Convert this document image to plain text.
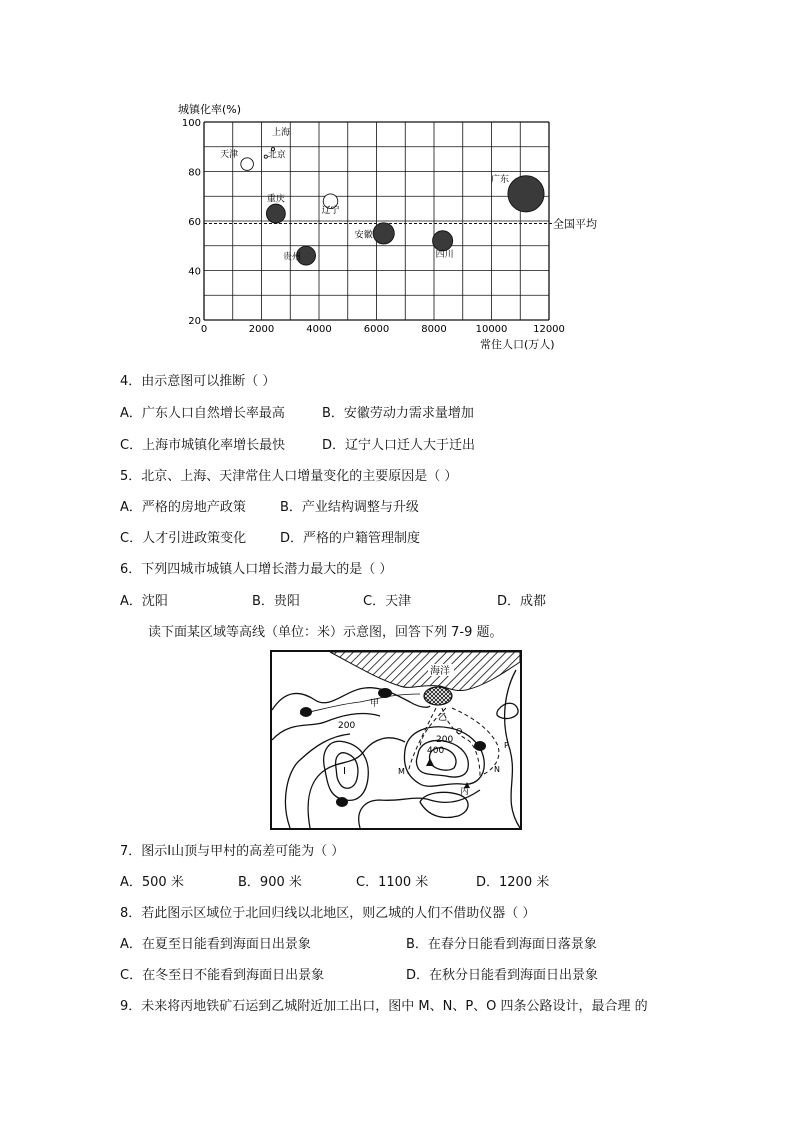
城镇化率(%)
0	2000	4000	6000	8000	10000	12000
20
40
60
80
100
全国平均
天津
上海
北京
重庆
辽宁
贵州
安徽
四川
广东
常住人口(万人)
4．由示意图可以推断（ ）
A．广东人口自然增长率最高	B．安徽劳动力需求量增加
C．上海市城镇化率增长最快	D．辽宁人口迁人大于迁出
5．北京、上海、天津常住人口增量变化的主要原因是（ ）
A．严格的房地产政策	B．产业结构调整与升级
C．人才引进政策变化	D．严格的户籍管理制度
6．下列四城市城镇人口增长潜力最大的是（ ）
A．沈阳	B．贵阳	C．天津	D．成都
读下面某区域等高线（单位：米）示意图，回答下列 7-9 题。
海洋
甲
乙
丙
200
200
400
I	M	N
P
O
7．图示Ⅰ山顶与甲村的高差可能为（ ）
A．500 米	B．900 米	C．1100 米	D．1200 米
8．若此图示区域位于北回归线以北地区，则乙城的人们不借助仪器（ ）
A．在夏至日能看到海面日出景象	B．在春分日能看到海面日落景象
C．在冬至日不能看到海面日出景象	D．在秋分日能看到海面日出景象
9．未来将丙地铁矿石运到乙城附近加工出口，图中 M、N、P、O 四条公路设计，最合理 的
